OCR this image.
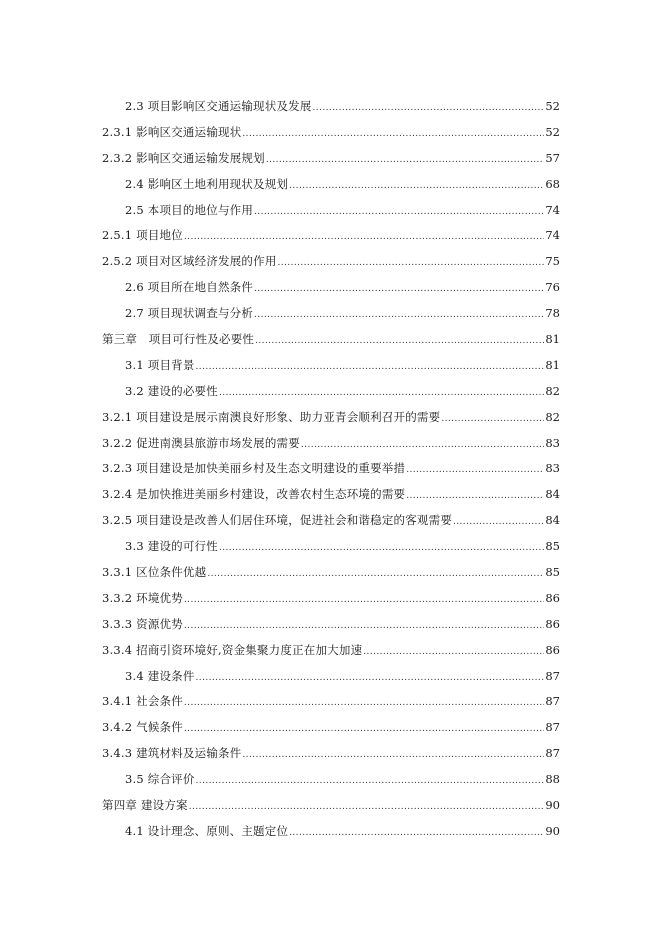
2.3 项目影响区交通运输现状及发展 .....	52
2.3.1 影响区交通运输现状 .....	52
2.3.2 影响区交通运输发展规划 .....	57
2.4 影响区土地利用现状及规划 .....	68
2.5 本项目的地位与作用 .....	74
2.5.1 项目地位 .....	74
2.5.2 项目对区域经济发展的作用 .....	75
2.6 项目所在地自然条件 .....	76
2.7 项目现状调查与分析 .....	78
第三章　项目可行性及必要性 .....	81
3.1 项目背景 .....	81
3.2 建设的必要性 .....	82
3.2.1 项目建设是展示南澳良好形象、助力亚青会顺利召开的需要 .....	82
3.2.2 促进南澳县旅游市场发展的需要 .....	83
3.2.3 项目建设是加快美丽乡村及生态文明建设的重要举措 .....	83
3.2.4 是加快推进美丽乡村建设，改善农村生态环境的需要 .....	84
3.2.5 项目建设是改善人们居住环境，促进社会和谐稳定的客观需要 .....	84
3.3 建设的可行性 .....	85
3.3.1 区位条件优越 .....	85
3.3.2 环境优势 .....	86
3.3.3 资源优势 .....	86
3.3.4 招商引资环境好,资金集聚力度正在加大加速 .....	86
3.4 建设条件 .....	87
3.4.1 社会条件 .....	87
3.4.2 气候条件 .....	87
3.4.3 建筑材料及运输条件 .....	87
3.5 综合评价 .....	88
第四章 建设方案 .....	90
4.1 设计理念、原则、主题定位 .....	90
